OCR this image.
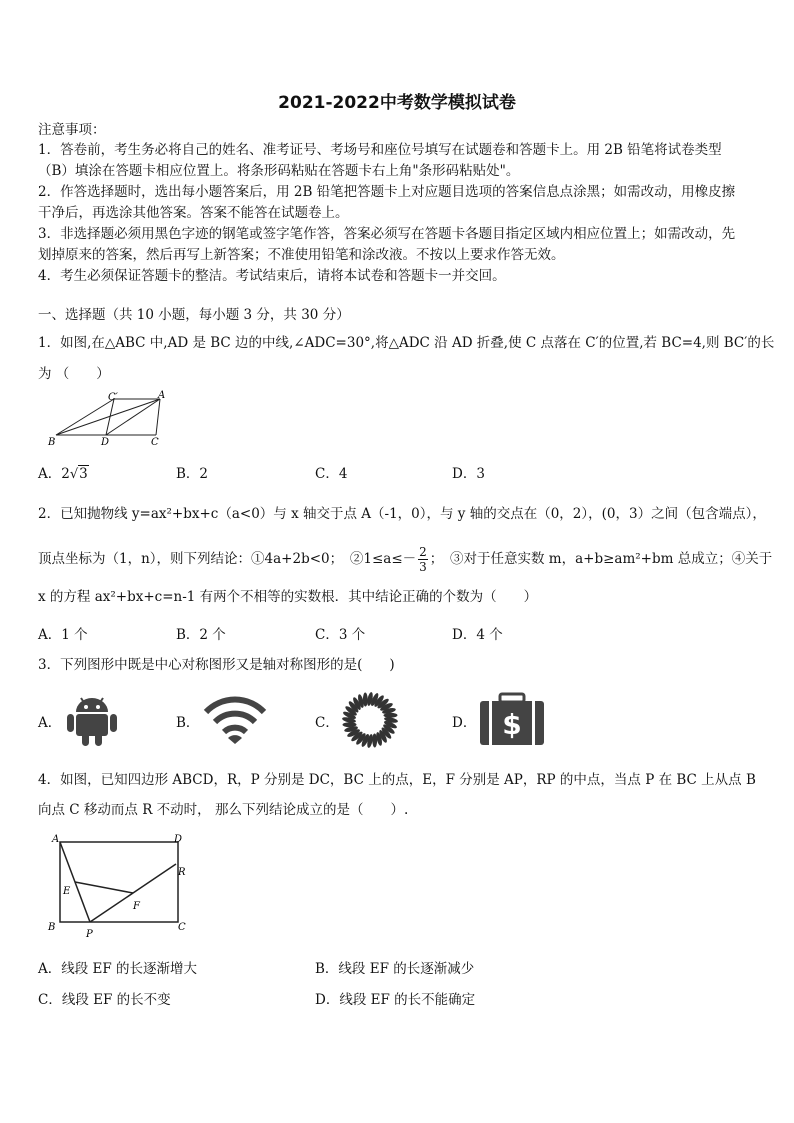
2021-2022中考数学模拟试卷
注意事项：
1．答卷前，考生务必将自己的姓名、准考证号、考场号和座位号填写在试题卷和答题卡上。用 2B 铅笔将试卷类型
（B）填涂在答题卡相应位置上。将条形码粘贴在答题卡右上角"条形码粘贴处"。
2．作答选择题时，选出每小题答案后，用 2B 铅笔把答题卡上对应题目选项的答案信息点涂黑；如需改动，用橡皮擦
干净后，再选涂其他答案。答案不能答在试题卷上。
3．非选择题必须用黑色字迹的钢笔或签字笔作答，答案必须写在答题卡各题目指定区域内相应位置上；如需改动，先
划掉原来的答案，然后再写上新答案；不准使用铅笔和涂改液。不按以上要求作答无效。
4．考生必须保证答题卡的整洁。考试结束后，请将本试卷和答题卡一并交回。
一、选择题（共 10 小题，每小题 3 分，共 30 分）
1．如图,在△ABC 中,AD 是 BC 边的中线,∠ADC=30°,将△ADC 沿 AD 折叠,使 C 点落在 C′的位置,若 BC=4,则 BC′的长
为 （　　）
C′	A
B	D	C
A．2√3	B．2	C．4	D．3
2．已知抛物线 y=ax²+bx+c（a<0）与 x 轴交于点 A（-1，0），与 y 轴的交点在（0，2），(0，3）之间（包含端点），
顶点坐标为（1，n），则下列结论：①4a+2b<0；　②1≤a≤－ $\frac{2}{3}$ ；　③对于任意实数 m，a+b≥am²+bm 总成立；④关于
x 的方程 ax²+bx+c=n-1 有两个不相等的实数根．其中结论正确的个数为（　　）
A．1 个	B．2 个	C．3 个	D．4 个
3．下列图形中既是中心对称图形又是轴对称图形的是(　　)
A．	B．	C．	D． $
4．如图，已知四边形 ABCD，R，P 分别是 DC，BC 上的点，E，F 分别是 AP，RP 的中点，当点 P 在 BC 上从点 B
向点 C 移动而点 R 不动时， 那么下列结论成立的是（　　）.
A	D
R
E
F
B
P
C
A．线段 EF 的长逐渐增大	B．线段 EF 的长逐渐减少
C．线段 EF 的长不变	D．线段 EF 的长不能确定
